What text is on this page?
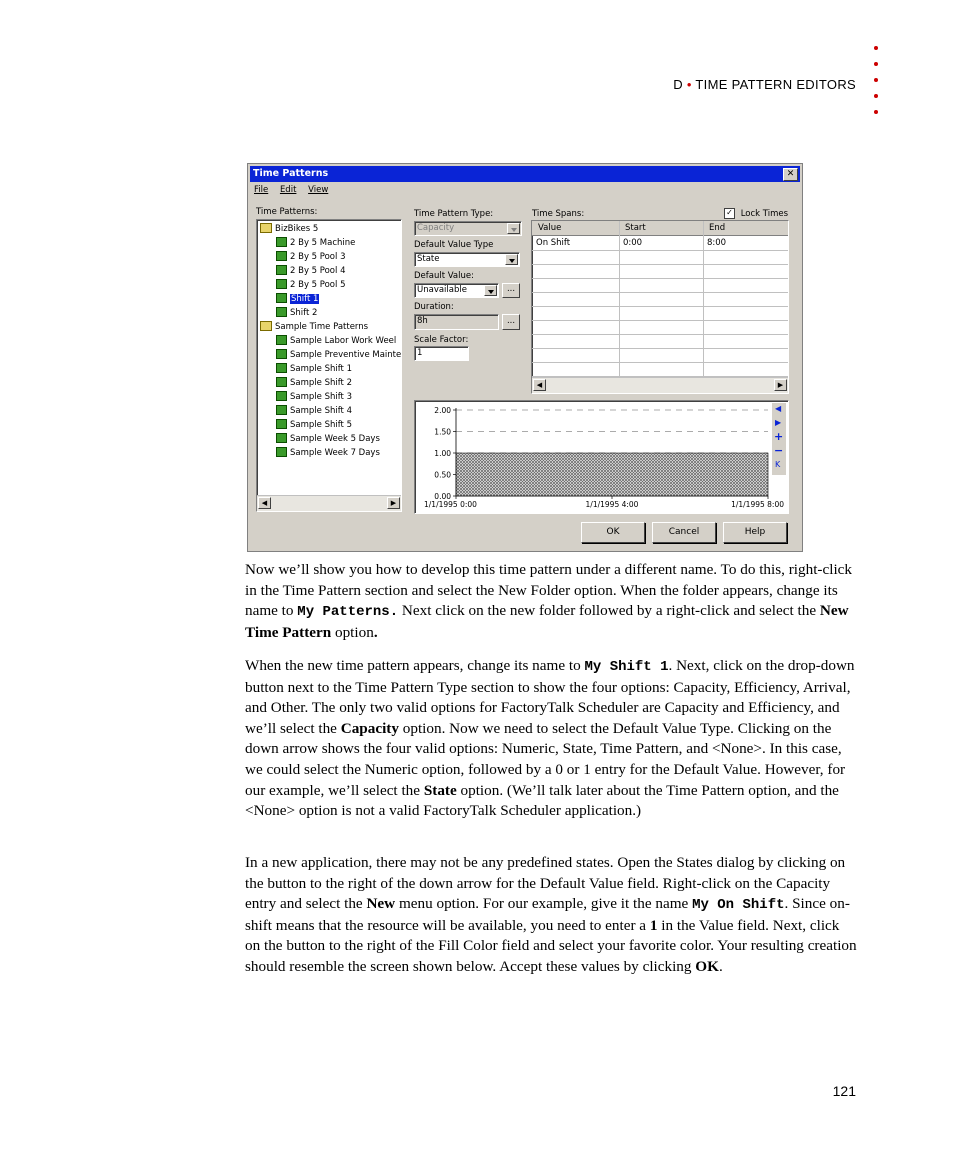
D • TIME PATTERN EDITORS
Time Patterns	✕
File Edit View
Time Patterns:
BizBikes 5
2 By 5 Machine
2 By 5 Pool 3
2 By 5 Pool 4
2 By 5 Pool 5
Shift 1
Shift 2
Sample Time Patterns
Sample Labor Work Weel
Sample Preventive Mainte
Sample Shift 1
Sample Shift 2
Sample Shift 3
Sample Shift 4
Sample Shift 5
Sample Week 5 Days
Sample Week 7 Days
◀	▶
Time Pattern Type:
Capacity
Default Value Type
State
Default Value:
Unavailable	...
Duration:
8h	...
Scale Factor:
1
Time Spans:	✓ Lock Times
Value	Start	End
On Shift	0:00	8:00
◀	▶
2.00
1.50
1.00
0.50
0.00
1/1/1995 0:00	1/1/1995 4:00	1/1/1995 8:00
◀
▶
+
−
K
OK	Cancel	Help
Now we’ll show you how to develop this time pattern under a different name. To do this, right-click in the Time Pattern section and select the New Folder option. When the folder appears, change its name to My Patterns. Next click on the new folder followed by a right-click and select the New Time Pattern option.
When the new time pattern appears, change its name to My Shift 1. Next, click on the drop-down button next to the Time Pattern Type section to show the four options: Capacity, Efficiency, Arrival, and Other. The only two valid options for FactoryTalk Scheduler are Capacity and Efficiency, and we’ll select the Capacity option. Now we need to select the Default Value Type. Clicking on the down arrow shows the four valid options: Numeric, State, Time Pattern, and <None>. In this case, we could select the Numeric option, followed by a 0 or 1 entry for the Default Value. However, for our example, we’ll select the State option. (We’ll talk later about the Time Pattern option, and the <None> option is not a valid FactoryTalk Scheduler application.)
In a new application, there may not be any predefined states. Open the States dialog by clicking on the button to the right of the down arrow for the Default Value field. Right-click on the Capacity entry and select the New menu option. For our example, give it the name My On Shift. Since on-shift means that the resource will be available, you need to enter a 1 in the Value field. Next, click on the button to the right of the Fill Color field and select your favorite color. Your resulting creation should resemble the screen shown below. Accept these values by clicking OK.
121
